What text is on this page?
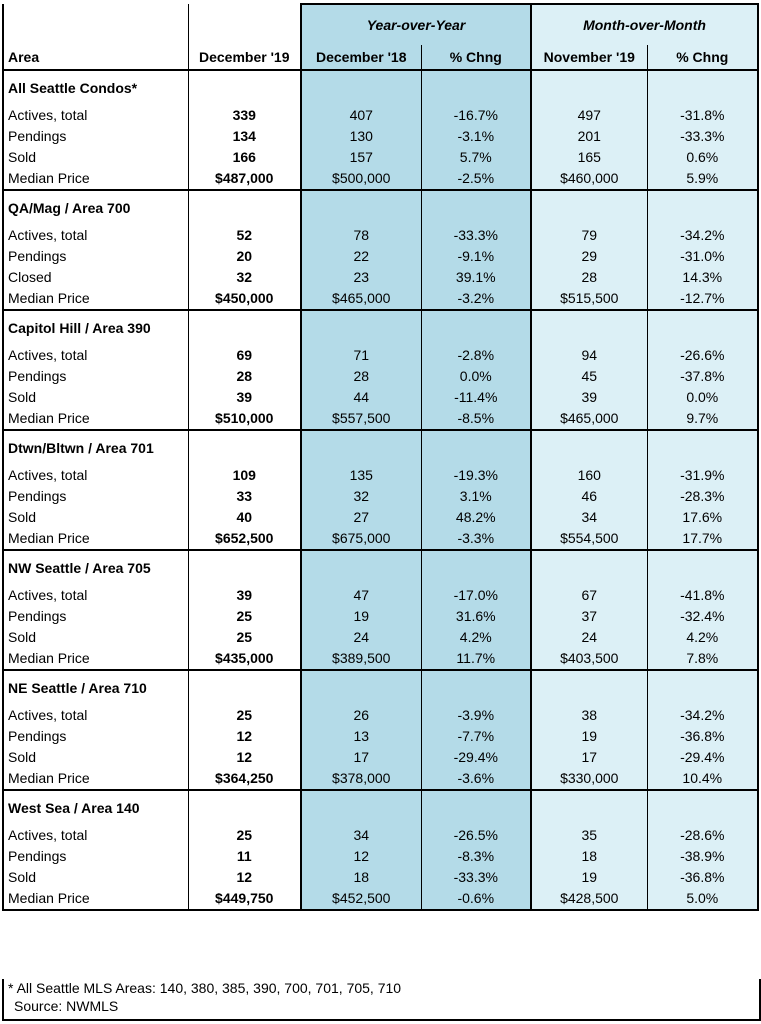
		Year-over-Year		Month-over-Month	
Area	December '19	December '18	% Chng	November '19	% Chng
All Seattle Condos*					
Actives, total	339	407	-16.7%	497	-31.8%
Pendings	134	130	-3.1%	201	-33.3%
Sold	166	157	5.7%	165	0.6%
Median Price	$487,000	$500,000	-2.5%	$460,000	5.9%
QA/Mag / Area 700					
Actives, total	52	78	-33.3%	79	-34.2%
Pendings	20	22	-9.1%	29	-31.0%
Closed	32	23	39.1%	28	14.3%
Median Price	$450,000	$465,000	-3.2%	$515,500	-12.7%
Capitol Hill / Area 390					
Actives, total	69	71	-2.8%	94	-26.6%
Pendings	28	28	0.0%	45	-37.8%
Sold	39	44	-11.4%	39	0.0%
Median Price	$510,000	$557,500	-8.5%	$465,000	9.7%
Dtwn/Bltwn / Area 701					
Actives, total	109	135	-19.3%	160	-31.9%
Pendings	33	32	3.1%	46	-28.3%
Sold	40	27	48.2%	34	17.6%
Median Price	$652,500	$675,000	-3.3%	$554,500	17.7%
NW Seattle / Area 705					
Actives, total	39	47	-17.0%	67	-41.8%
Pendings	25	19	31.6%	37	-32.4%
Sold	25	24	4.2%	24	4.2%
Median Price	$435,000	$389,500	11.7%	$403,500	7.8%
NE Seattle / Area 710					
Actives, total	25	26	-3.9%	38	-34.2%
Pendings	12	13	-7.7%	19	-36.8%
Sold	12	17	-29.4%	17	-29.4%
Median Price	$364,250	$378,000	-3.6%	$330,000	10.4%
West Sea / Area 140					
Actives, total	25	34	-26.5%	35	-28.6%
Pendings	11	12	-8.3%	18	-38.9%
Sold	12	18	-33.3%	19	-36.8%
Median Price	$449,750	$452,500	-0.6%	$428,500	5.0%
* All Seattle MLS Areas: 140, 380, 385, 390, 700, 701, 705, 710
Source: NWMLS
